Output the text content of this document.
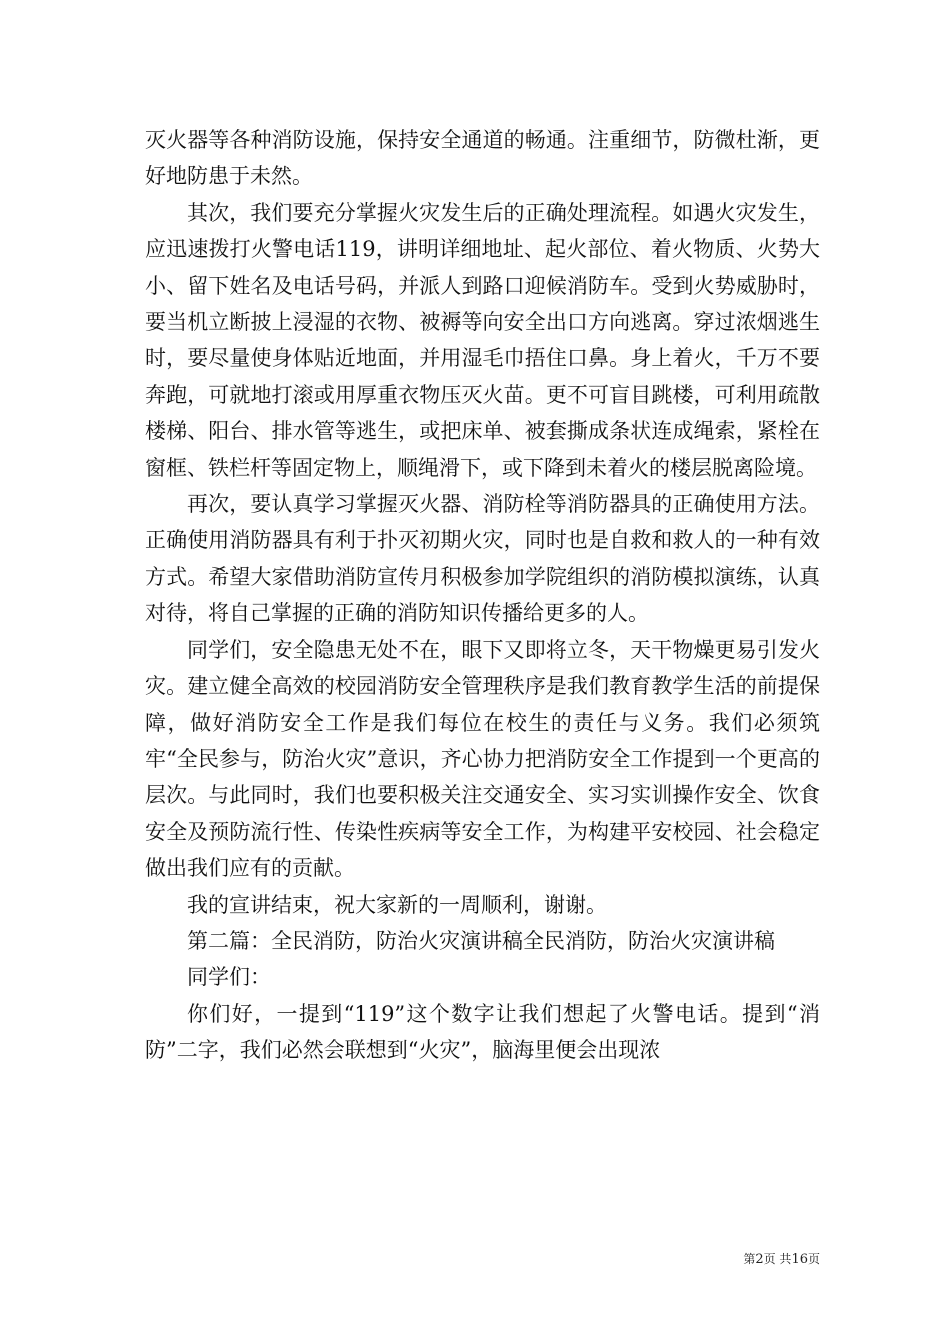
灭火器等各种消防设施，保持安全通道的畅通。注重细节，防微杜渐，更好地防患于未然。

其次，我们要充分掌握火灾发生后的正确处理流程。如遇火灾发生，应迅速拨打火警电话119，讲明详细地址、起火部位、着火物质、火势大小、留下姓名及电话号码，并派人到路口迎候消防车。受到火势威胁时，要当机立断披上浸湿的衣物、被褥等向安全出口方向逃离。穿过浓烟逃生时，要尽量使身体贴近地面，并用湿毛巾捂住口鼻。身上着火，千万不要奔跑，可就地打滚或用厚重衣物压灭火苗。更不可盲目跳楼，可利用疏散楼梯、阳台、排水管等逃生，或把床单、被套撕成条状连成绳索，紧栓在窗框、铁栏杆等固定物上，顺绳滑下，或下降到未着火的楼层脱离险境。

再次，要认真学习掌握灭火器、消防栓等消防器具的正确使用方法。正确使用消防器具有利于扑灭初期火灾，同时也是自救和救人的一种有效方式。希望大家借助消防宣传月积极参加学院组织的消防模拟演练，认真对待，将自己掌握的正确的消防知识传播给更多的人。

同学们，安全隐患无处不在，眼下又即将立冬，天干物燥更易引发火灾。建立健全高效的校园消防安全管理秩序是我们教育教学生活的前提保障，做好消防安全工作是我们每位在校生的责任与义务。我们必须筑牢“全民参与，防治火灾”意识，齐心协力把消防安全工作提到一个更高的层次。与此同时，我们也要积极关注交通安全、实习实训操作安全、饮食安全及预防流行性、传染性疾病等安全工作，为构建平安校园、社会稳定做出我们应有的贡献。

我的宣讲结束，祝大家新的一周顺利，谢谢。

第二篇：全民消防，防治火灾演讲稿全民消防，防治火灾演讲稿

同学们：

你们好，一提到“119”这个数字让我们想起了火警电话。提到“消防”二字，我们必然会联想到“火灾”，脑海里便会出现浓

第2页 共16页
